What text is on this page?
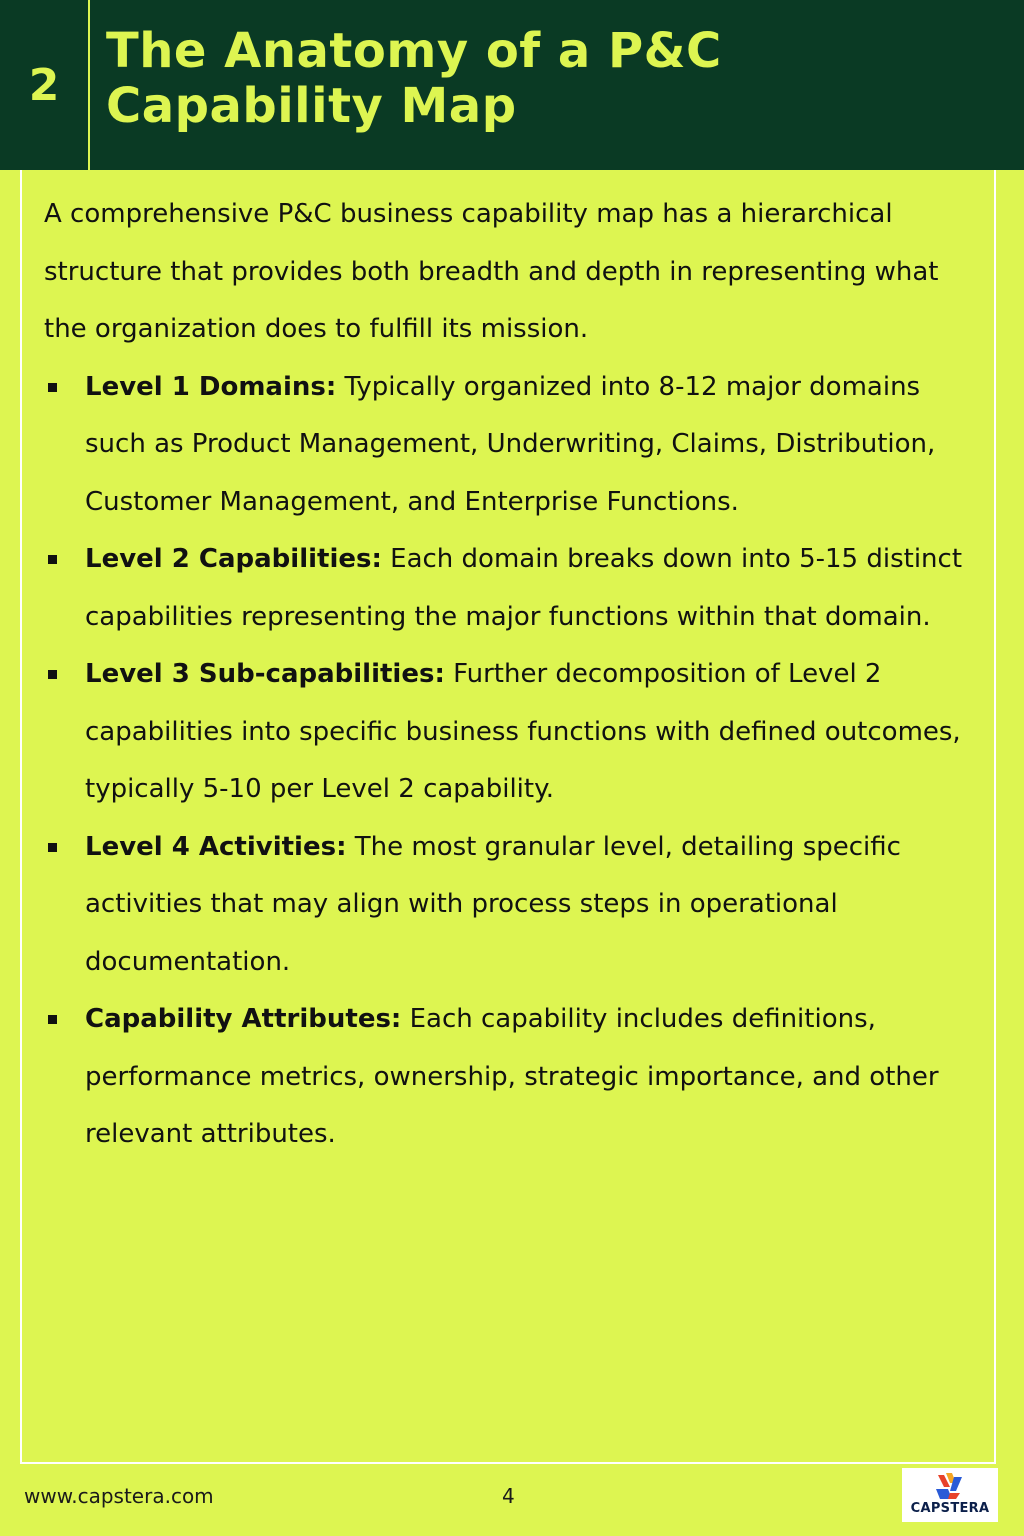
2
The Anatomy of a P&C Capability Map

A comprehensive P&C business capability map has a hierarchical structure that provides both breadth and depth in representing what the organization does to fulfill its mission.

Level 1 Domains: Typically organized into 8-12 major domains such as Product Management, Underwriting, Claims, Distribution, Customer Management, and Enterprise Functions.
Level 2 Capabilities: Each domain breaks down into 5-15 distinct capabilities representing the major functions within that domain.
Level 3 Sub-capabilities: Further decomposition of Level 2 capabilities into specific business functions with defined outcomes, typically 5-10 per Level 2 capability.
Level 4 Activities: The most granular level, detailing specific activities that may align with process steps in operational documentation.
Capability Attributes: Each capability includes definitions, performance metrics, ownership, strategic importance, and other relevant attributes.
www.capstera.com	4
CAPSTERA
